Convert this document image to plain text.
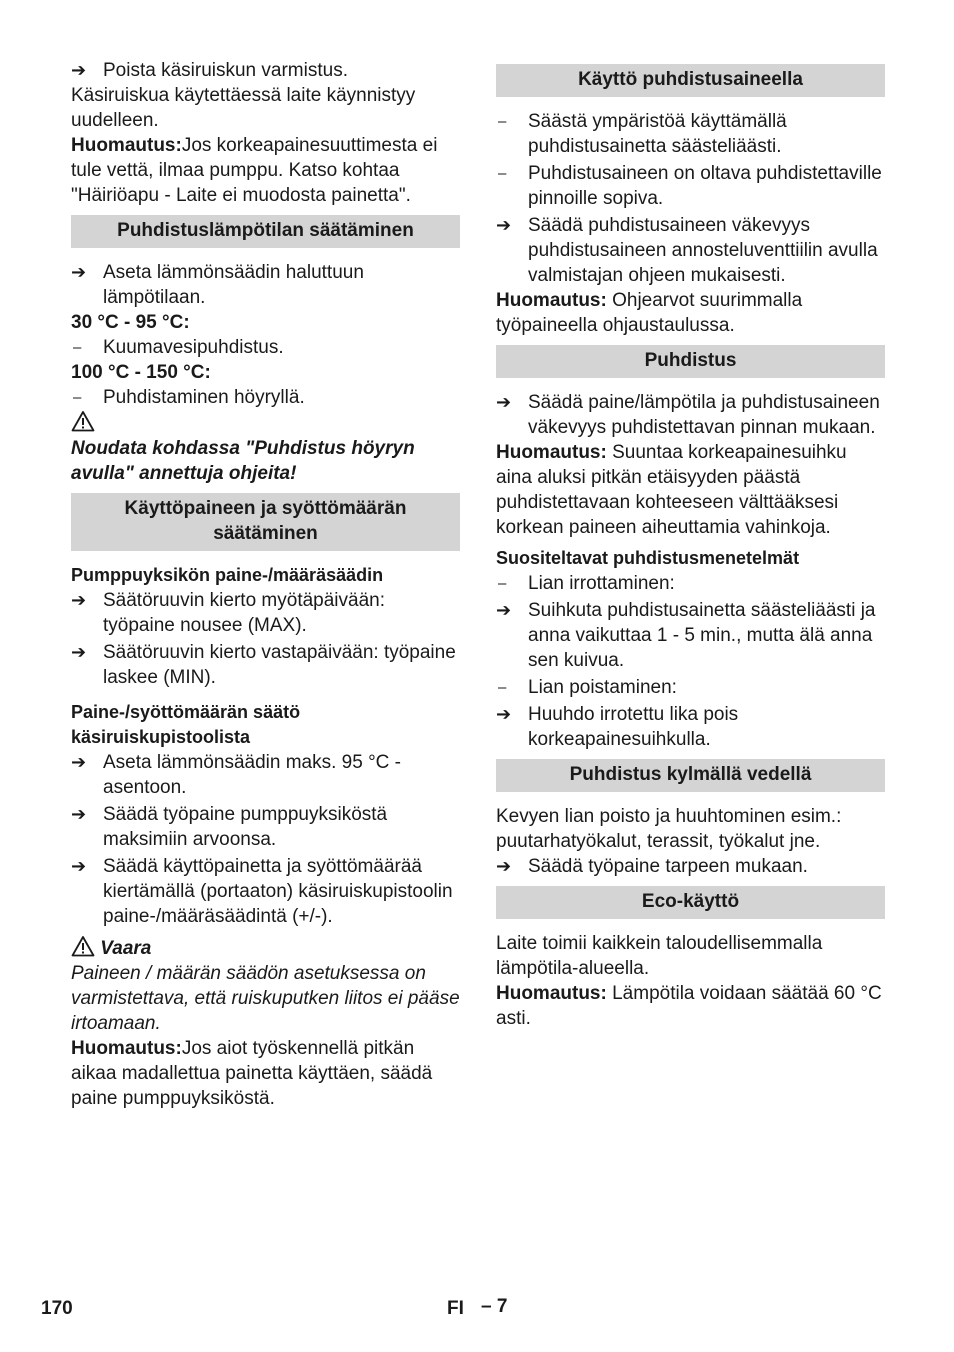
➔ Poista käsiruiskun varmistus.

Käsiruiskua käytettäessä laite käynnistyy uudelleen.

Huomautus:Jos korkeapainesuuttimesta ei tule vettä, ilmaa pumppu. Katso kohtaa "Häiriöapu - Laite ei muodosta painetta".

Puhdistuslämpötilan säätäminen
➔ Aseta lämmönsäädin haluttuun lämpötilaan.

30 °C - 95 °C:

–	Kuumavesipuhdistus.

100 °C - 150 °C:

–	Puhdistaminen höyryllä.

Noudata kohdassa "Puhdistus höyryn avulla" annettuja ohjeita!

Käyttöpaineen ja syöttömäärän säätäminen

Pumppuyksikön paine-/määräsäädin

➔ Säätöruuvin kierto myötäpäivään: työpaine nousee (MAX).
➔ Säätöruuvin kierto vastapäivään: työpaine laskee (MIN).

Paine-/syöttömäärän säätö käsiruiskupistoolista

➔ Aseta lämmönsäädin maks. 95 °C -asentoon.
➔ Säädä työpaine pumppuyksiköstä maksimiin arvoonsa.
➔ Säädä käyttöpainetta ja syöttömäärää kiertämällä (portaaton) käsiruiskupistoolin paine-/määräsäädintä (+/-).

Vaara

Paineen / määrän säädön asetuksessa on varmistettava, että ruiskuputken liitos ei pääse irtoamaan.

Huomautus:Jos aiot työskennellä pitkän aikaa madallettua painetta käyttäen, säädä paine pumppuyksiköstä.

Käyttö puhdistusaineella
–	Säästä ympäristöä käyttämällä puhdistusainetta säästeliäästi.
–	Puhdistusaineen on oltava puhdistettaville pinnoille sopiva.
➔ Säädä puhdistusaineen väkevyys puhdistusaineen annosteluventtiilin avulla valmistajan ohjeen mukaisesti.

Huomautus: Ohjearvot suurimmalla työpaineella ohjaustaulussa.

Puhdistus
➔ Säädä paine/lämpötila ja puhdistusaineen väkevyys puhdistettavan pinnan mukaan.

Huomautus: Suuntaa korkeapainesuihku aina aluksi pitkän etäisyyden päästä puhdistettavaan kohteeseen välttääksesi korkean paineen aiheuttamia vahinkoja.

Suositeltavat puhdistusmenetelmät

–	Lian irrottaminen:
➔ Suihkuta puhdistusainetta säästeliäästi ja anna vaikuttaa 1 - 5 min., mutta älä anna sen kuivua.
–	Lian poistaminen:
➔ Huuhdo irrotettu lika pois korkeapainesuihkulla.
Puhdistus kylmällä vedellä

Kevyen lian poisto ja huuhtominen esim.: puutarhatyökalut, terassit, työkalut jne.

➔ Säädä työpaine tarpeen mukaan.
Eco-käyttö

Laite toimii kaikkein taloudellisemmalla lämpötila-alueella.

Huomautus: Lämpötila voidaan säätää 60 °C asti.

170	FI – 7
